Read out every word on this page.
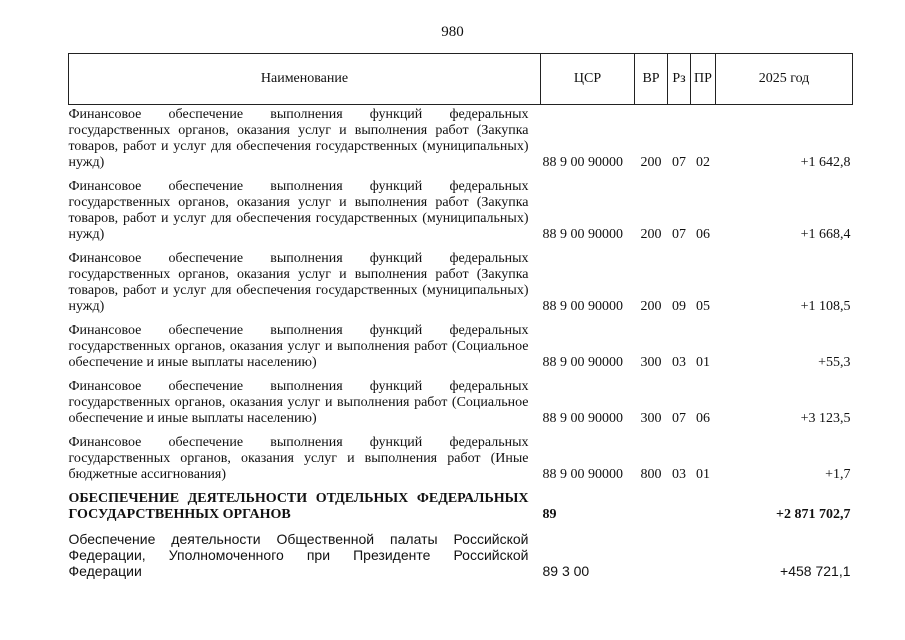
980
Наименование	ЦСР	ВР	Рз	ПР	2025 год
Финансовое обеспечение выполнения функций федеральных государственных органов, оказания услуг и выполнения работ (Закупка товаров, работ и услуг для обеспечения государственных (муниципальных) нужд)	88 9 00 90000	200	07	02	+1 642,8
Финансовое обеспечение выполнения функций федеральных государственных органов, оказания услуг и выполнения работ (Закупка товаров, работ и услуг для обеспечения государственных (муниципальных) нужд)	88 9 00 90000	200	07	06	+1 668,4
Финансовое обеспечение выполнения функций федеральных государственных органов, оказания услуг и выполнения работ (Закупка товаров, работ и услуг для обеспечения государственных (муниципальных) нужд)	88 9 00 90000	200	09	05	+1 108,5
Финансовое обеспечение выполнения функций федеральных государственных органов, оказания услуг и выполнения работ (Социальное обеспечение и иные выплаты населению)	88 9 00 90000	300	03	01	+55,3
Финансовое обеспечение выполнения функций федеральных государственных органов, оказания услуг и выполнения работ (Социальное обеспечение и иные выплаты населению)	88 9 00 90000	300	07	06	+3 123,5
Финансовое обеспечение выполнения функций федеральных государственных органов, оказания услуг и выполнения работ (Иные бюджетные ассигнования)	88 9 00 90000	800	03	01	+1,7
ОБЕСПЕЧЕНИЕ ДЕЯТЕЛЬНОСТИ ОТДЕЛЬНЫХ ФЕДЕРАЛЬНЫХ ГОСУДАРСТВЕННЫХ ОРГАНОВ	89				+2 871 702,7
Обеспечение деятельности Общественной палаты Российской Федерации, Уполномоченного при Президенте Российской Федерации	89 3 00				+458 721,1
